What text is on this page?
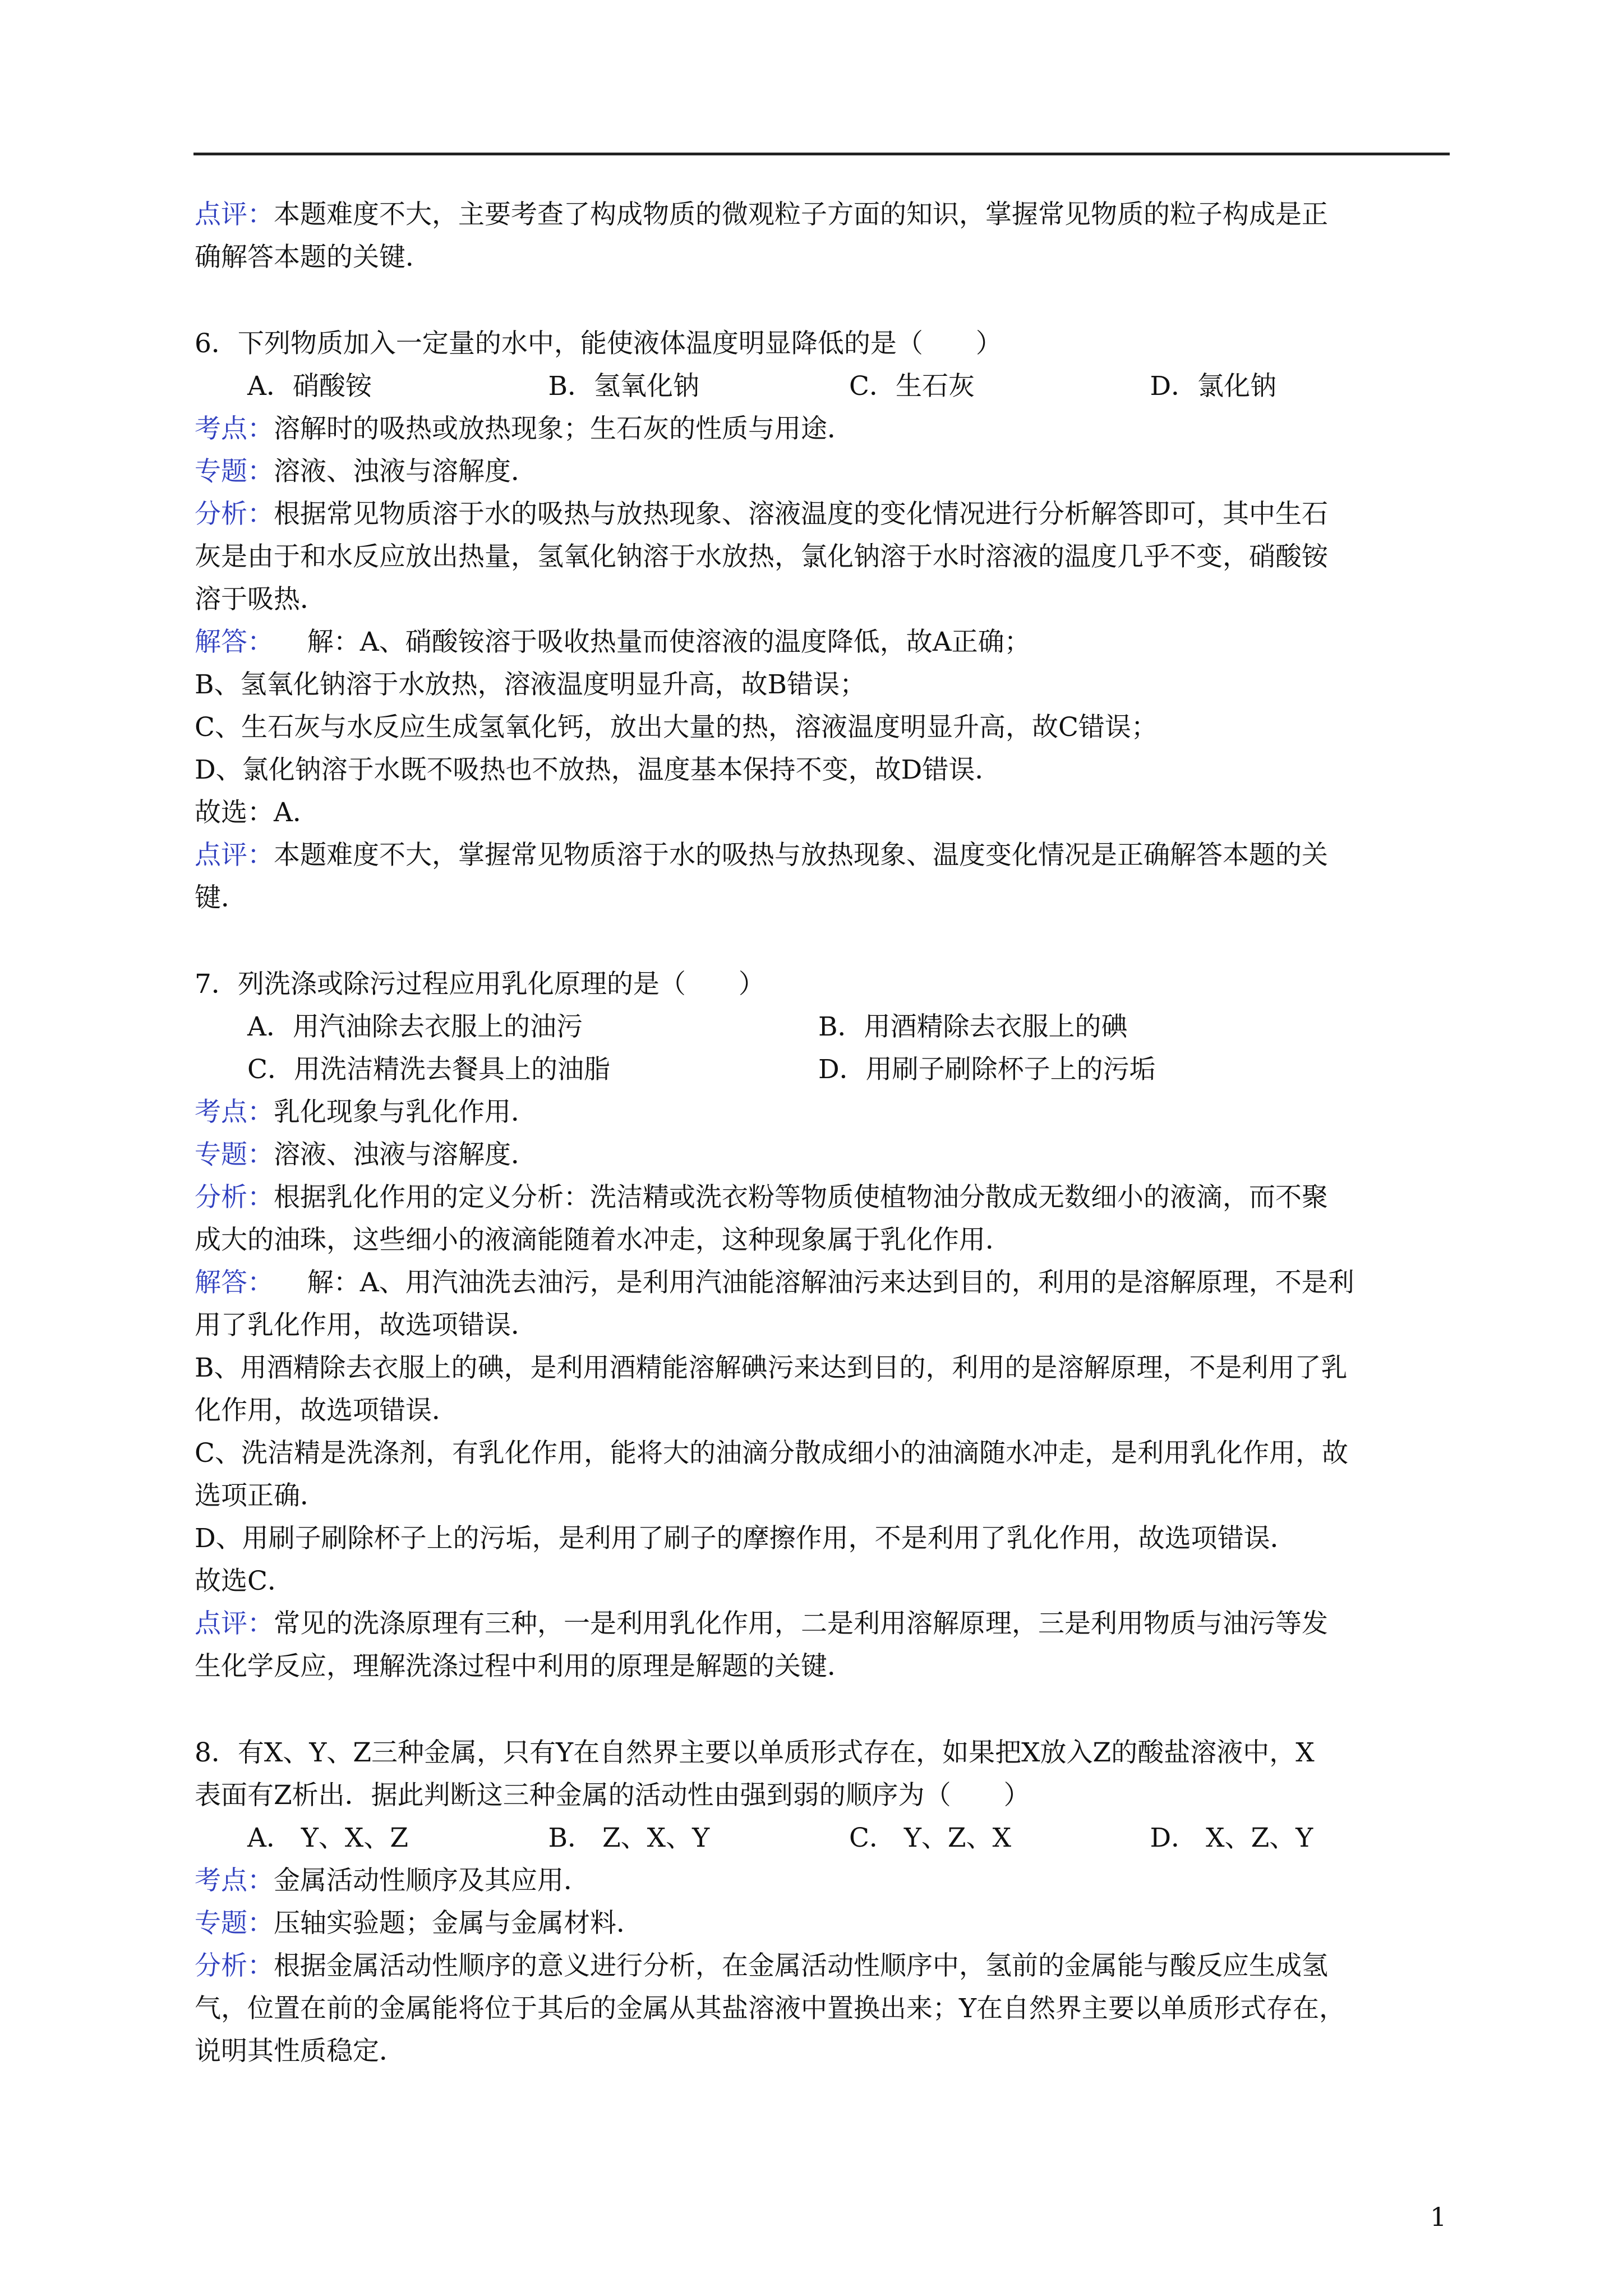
点评：本题难度不大，主要考查了构成物质的微观粒子方面的知识，掌握常见物质的粒子构成是正
确解答本题的关键．
6．下列物质加入一定量的水中，能使液体温度明显降低的是（　　）
A．硝酸铵	B．氢氧化钠	C．生石灰	D．氯化钠
考点：溶解时的吸热或放热现象；生石灰的性质与用途．
专题：溶液、浊液与溶解度．
分析：根据常见物质溶于水的吸热与放热现象、溶液温度的变化情况进行分析解答即可，其中生石
灰是由于和水反应放出热量，氢氧化钠溶于水放热，氯化钠溶于水时溶液的温度几乎不变，硝酸铵
溶于吸热．
解答：    解：A、硝酸铵溶于吸收热量而使溶液的温度降低，故A正确；
B、氢氧化钠溶于水放热，溶液温度明显升高，故B错误；
C、生石灰与水反应生成氢氧化钙，放出大量的热，溶液温度明显升高，故C错误；
D、氯化钠溶于水既不吸热也不放热，温度基本保持不变，故D错误．
故选：A．
点评：本题难度不大，掌握常见物质溶于水的吸热与放热现象、温度变化情况是正确解答本题的关
键．
7．列洗涤或除污过程应用乳化原理的是（　　）
A．用汽油除去衣服上的油污	B．用酒精除去衣服上的碘
C．用洗洁精洗去餐具上的油脂	D．用刷子刷除杯子上的污垢
考点：乳化现象与乳化作用．
专题：溶液、浊液与溶解度．
分析：根据乳化作用的定义分析：洗洁精或洗衣粉等物质使植物油分散成无数细小的液滴，而不聚
成大的油珠，这些细小的液滴能随着水冲走，这种现象属于乳化作用．
解答：    解：A、用汽油洗去油污，是利用汽油能溶解油污来达到目的，利用的是溶解原理，不是利
用了乳化作用，故选项错误．
B、用酒精除去衣服上的碘，是利用酒精能溶解碘污来达到目的，利用的是溶解原理，不是利用了乳
化作用，故选项错误．
C、洗洁精是洗涤剂，有乳化作用，能将大的油滴分散成细小的油滴随水冲走，是利用乳化作用，故
选项正确．
D、用刷子刷除杯子上的污垢，是利用了刷子的摩擦作用，不是利用了乳化作用，故选项错误．
故选C．
点评：常见的洗涤原理有三种，一是利用乳化作用，二是利用溶解原理，三是利用物质与油污等发
生化学反应，理解洗涤过程中利用的原理是解题的关键．
8．有X、Y、Z三种金属，只有Y在自然界主要以单质形式存在，如果把X放入Z的酸盐溶液中，X
表面有Z析出．据此判断这三种金属的活动性由强到弱的顺序为（　　）
A． Y、X、Z	B． Z、X、Y	C． Y、Z、X	D． X、Z、Y
考点：金属活动性顺序及其应用．
专题：压轴实验题；金属与金属材料．
分析：根据金属活动性顺序的意义进行分析，在金属活动性顺序中，氢前的金属能与酸反应生成氢
气，位置在前的金属能将位于其后的金属从其盐溶液中置换出来；Y在自然界主要以单质形式存在，
说明其性质稳定．
1
